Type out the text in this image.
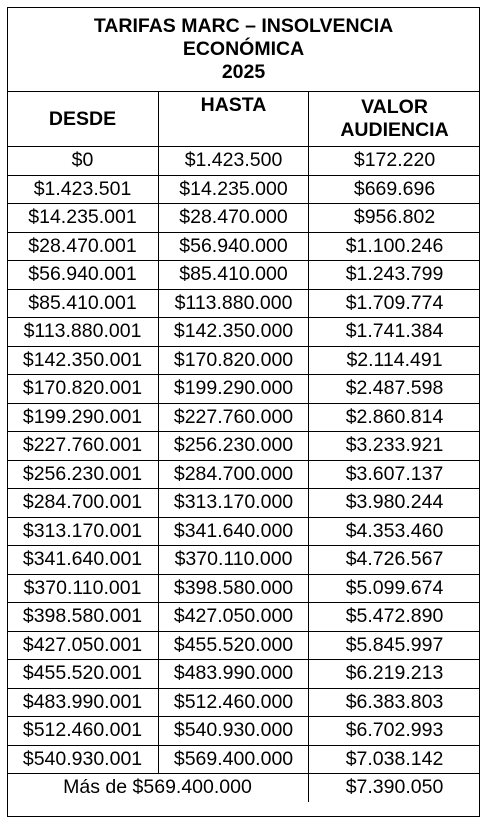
TARIFAS MARC – INSOLVENCIA
ECONÓMICA
2025		

DESDE	HASTA	VALOR
AUDIENCIA

$0	$1.423.500	$172.220
$1.423.501	$14.235.000	$669.696
$14.235.001	$28.470.000	$956.802
$28.470.001	$56.940.000	$1.100.246
$56.940.001	$85.410.000	$1.243.799
$85.410.001	$113.880.000	$1.709.774
$113.880.001	$142.350.000	$1.741.384
$142.350.001	$170.820.000	$2.114.491
$170.820.001	$199.290.000	$2.487.598
$199.290.001	$227.760.000	$2.860.814
$227.760.001	$256.230.000	$3.233.921
$256.230.001	$284.700.000	$3.607.137
$284.700.001	$313.170.000	$3.980.244
$313.170.001	$341.640.000	$4.353.460
$341.640.001	$370.110.000	$4.726.567
$370.110.001	$398.580.000	$5.099.674
$398.580.001	$427.050.000	$5.472.890
$427.050.001	$455.520.000	$5.845.997
$455.520.001	$483.990.000	$6.219.213
$483.990.001	$512.460.000	$6.383.803
$512.460.001	$540.930.000	$6.702.993
$540.930.001	$569.400.000	$7.038.142
Más de $569.400.000		$7.390.050
